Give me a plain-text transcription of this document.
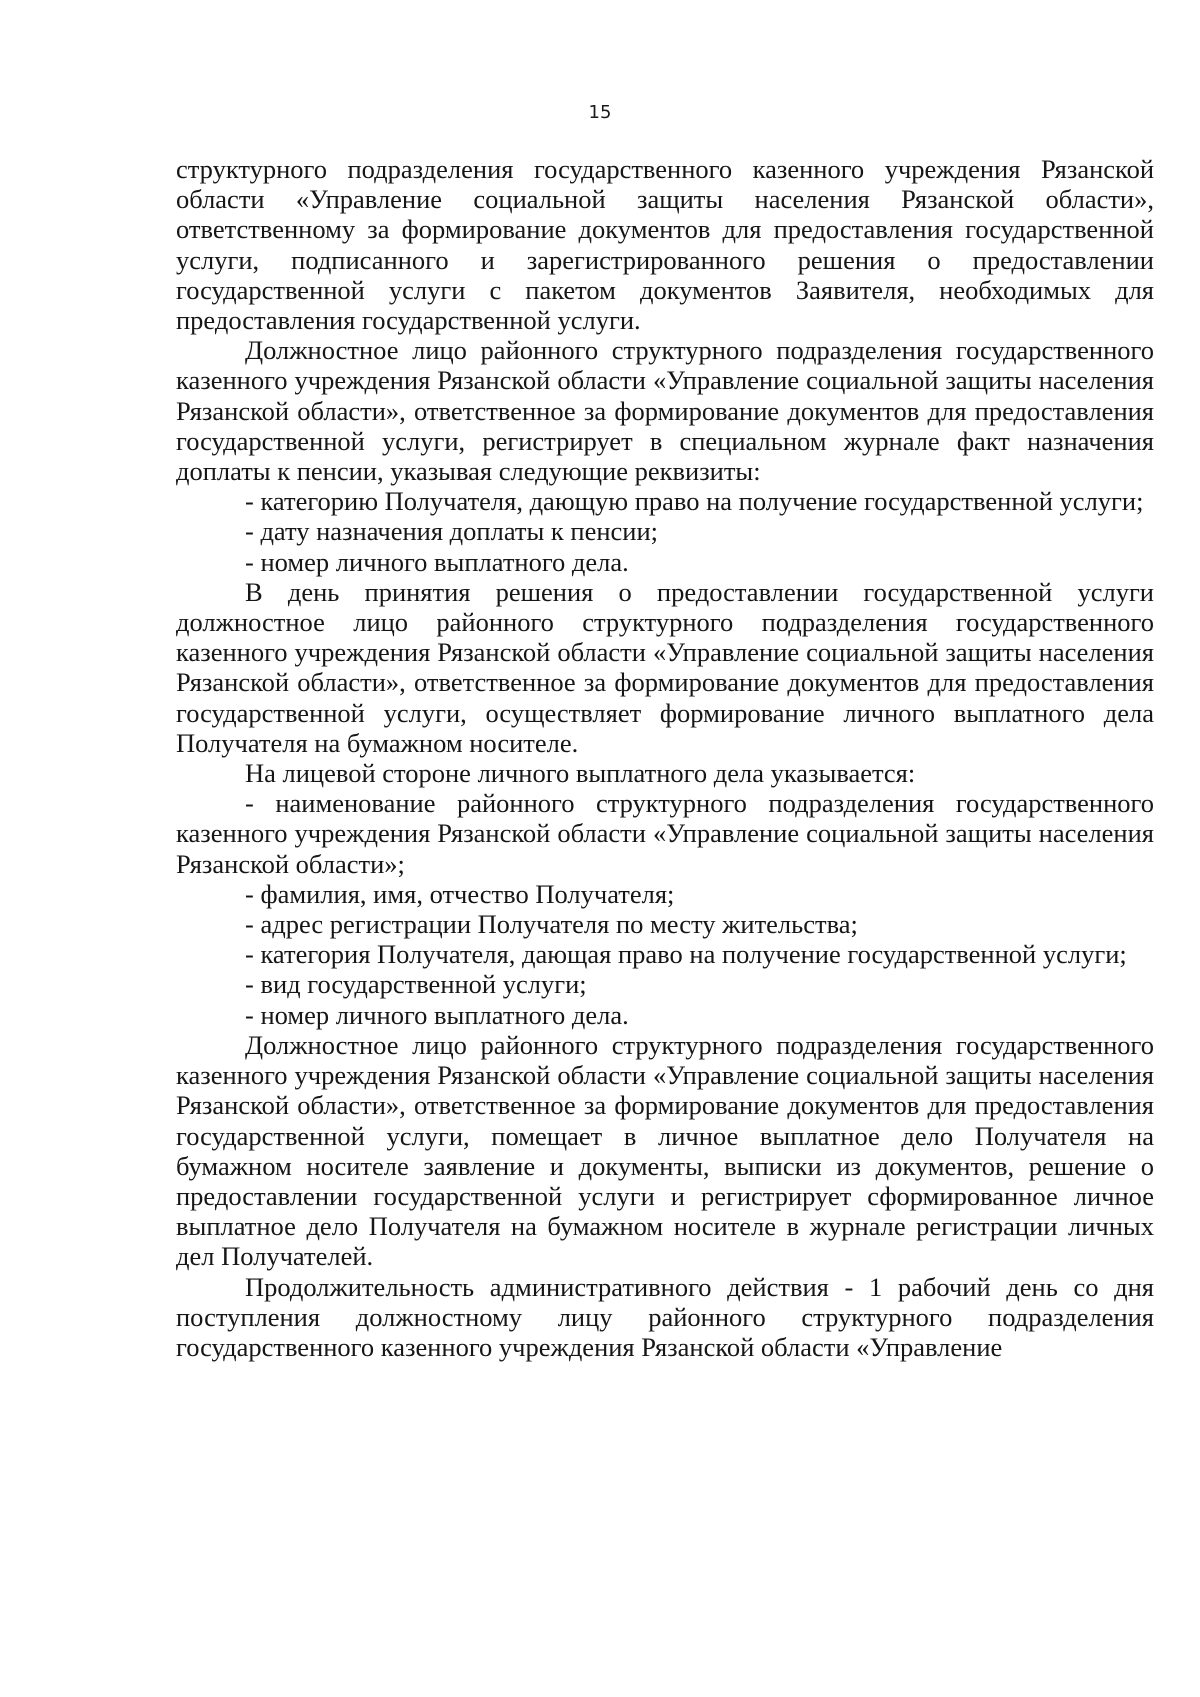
15

структурного подразделения государственного казенного учреждения Рязанской области «Управление социальной защиты населения Рязанской области», ответственному за формирование документов для предоставления государственной услуги, подписанного и зарегистрированного решения о предоставлении государственной услуги с пакетом документов Заявителя, необходимых для предоставления государственной услуги.

Должностное лицо районного структурного подразделения государственного казенного учреждения Рязанской области «Управление социальной защиты населения Рязанской области», ответственное за формирование документов для предоставления государственной услуги, регистрирует в специальном журнале факт назначения доплаты к пенсии, указывая следующие реквизиты:

- категорию Получателя, дающую право на получение государственной услуги;

- дату назначения доплаты к пенсии;

- номер личного выплатного дела.

В день принятия решения о предоставлении государственной услуги должностное лицо районного структурного подразделения государственного казенного учреждения Рязанской области «Управление социальной защиты населения Рязанской области», ответственное за формирование документов для предоставления государственной услуги, осуществляет формирование личного выплатного дела Получателя на бумажном носителе.

На лицевой стороне личного выплатного дела указывается:

- наименование районного структурного подразделения государственного казенного учреждения Рязанской области «Управление социальной защиты населения Рязанской области»;

- фамилия, имя, отчество Получателя;

- адрес регистрации Получателя по месту жительства;

- категория Получателя, дающая право на получение государственной услуги;

- вид государственной услуги;

- номер личного выплатного дела.

Должностное лицо районного структурного подразделения государственного казенного учреждения Рязанской области «Управление социальной защиты населения Рязанской области», ответственное за формирование документов для предоставления государственной услуги, помещает в личное выплатное дело Получателя на бумажном носителе заявление и документы, выписки из документов, решение о предоставлении государственной услуги и регистрирует сформированное личное выплатное дело Получателя на бумажном носителе в журнале регистрации личных дел Получателей.

Продолжительность административного действия - 1 рабочий день со дня поступления должностному лицу районного структурного подразделения государственного казенного учреждения Рязанской области «Управление
